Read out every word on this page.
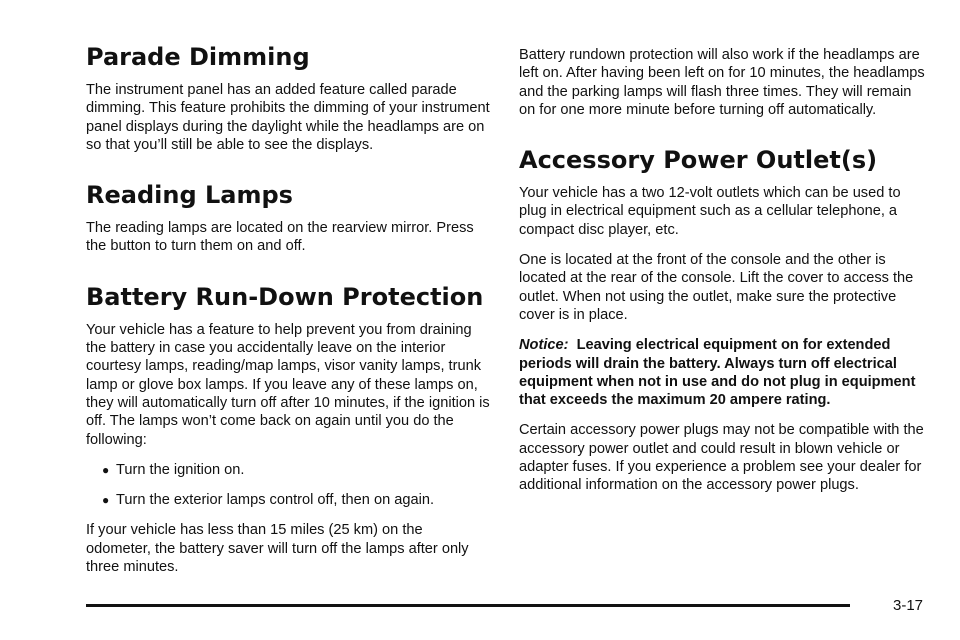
Parade Dimming

The instrument panel has an added feature called parade dimming. This feature prohibits the dimming of your instrument panel displays during the daylight while the headlamps are on so that you’ll still be able to see the displays.

Reading Lamps

The reading lamps are located on the rearview mirror. Press the button to turn them on and off.

Battery Run-Down Protection

Your vehicle has a feature to help prevent you from draining the battery in case you accidentally leave on the interior courtesy lamps, reading/map lamps, visor vanity lamps, trunk lamp or glove box lamps. If you leave any of these lamps on, they will automatically turn off after 10 minutes, if the ignition is off. The lamps won’t come back on again until you do the following:

● Turn the ignition on.
● Turn the exterior lamps control off, then on again.

If your vehicle has less than 15 miles (25 km) on the odometer, the battery saver will turn off the lamps after only three minutes.

Battery rundown protection will also work if the headlamps are left on. After having been left on for 10 minutes, the headlamps and the parking lamps will flash three times. They will remain on for one more minute before turning off automatically.

Accessory Power Outlet(s)

Your vehicle has a two 12-volt outlets which can be used to plug in electrical equipment such as a cellular telephone, a compact disc player, etc.

One is located at the front of the console and the other is located at the rear of the console. Lift the cover to access the outlet. When not using the outlet, make sure the protective cover is in place.

Notice: Leaving electrical equipment on for extended periods will drain the battery. Always turn off electrical equipment when not in use and do not plug in equipment that exceeds the maximum 20 ampere rating.

Certain accessory power plugs may not be compatible with the accessory power outlet and could result in blown vehicle or adapter fuses. If you experience a problem see your dealer for additional information on the accessory power plugs.

3-17
